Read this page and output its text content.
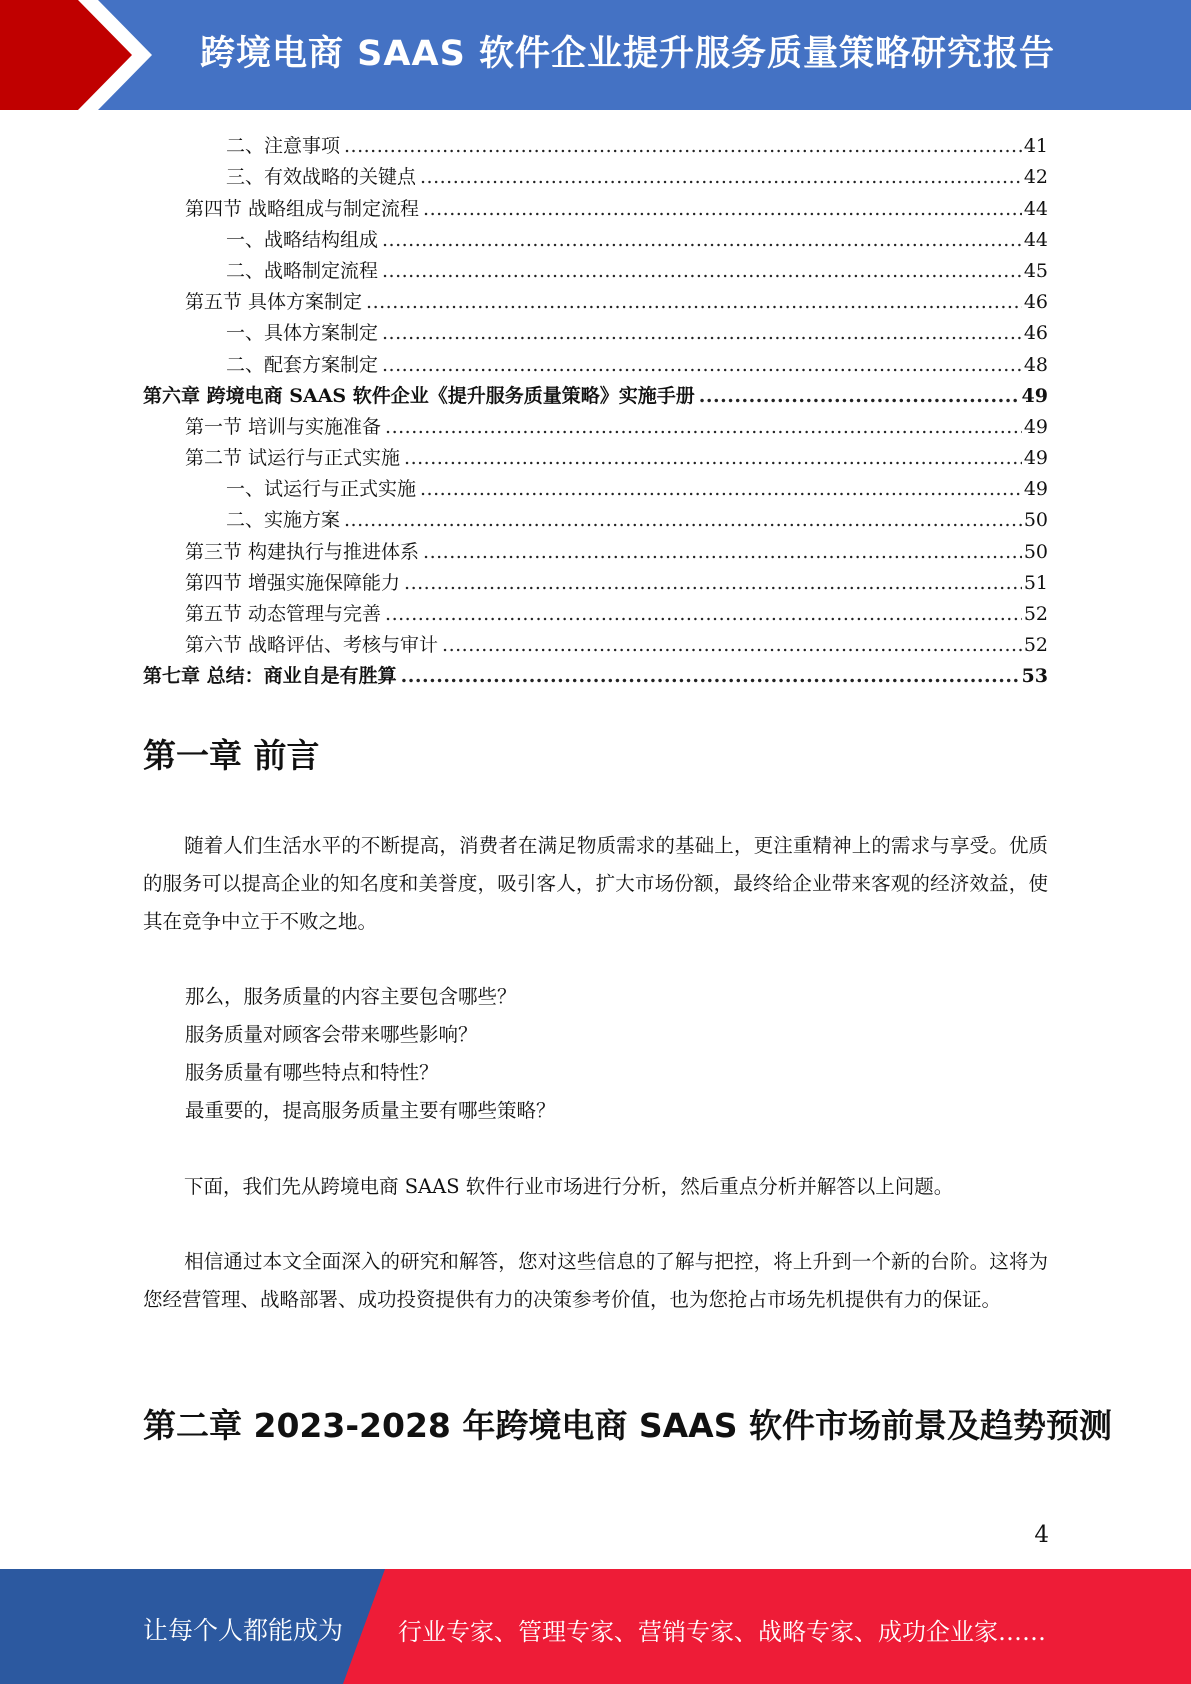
跨境电商 SAAS 软件企业提升服务质量策略研究报告
二、注意事项 .....	41
三、有效战略的关键点 .....	42
第四节 战略组成与制定流程 .....	44
一、战略结构组成 .....	44
二、战略制定流程 .....	45
第五节 具体方案制定 .....	46
一、具体方案制定 .....	46
二、配套方案制定 .....	48
第六章 跨境电商 SAAS 软件企业《提升服务质量策略》实施手册 .....	49
第一节 培训与实施准备 .....	49
第二节 试运行与正式实施 .....	49
一、试运行与正式实施 .....	49
二、实施方案 .....	50
第三节 构建执行与推进体系 .....	50
第四节 增强实施保障能力 .....	51
第五节 动态管理与完善 .....	52
第六节 战略评估、考核与审计 .....	52
第七章 总结：商业自是有胜算 .....	53
第一章 前言
随着人们生活水平的不断提高，消费者在满足物质需求的基础上，更注重精神上的需求与享受。优质的服务可以提高企业的知名度和美誉度，吸引客人，扩大市场份额，最终给企业带来客观的经济效益，使其在竞争中立于不败之地。
那么，服务质量的内容主要包含哪些？
服务质量对顾客会带来哪些影响？
服务质量有哪些特点和特性？
最重要的，提高服务质量主要有哪些策略？
下面，我们先从跨境电商 SAAS 软件行业市场进行分析，然后重点分析并解答以上问题。
相信通过本文全面深入的研究和解答，您对这些信息的了解与把控，将上升到一个新的台阶。这将为您经营管理、战略部署、成功投资提供有力的决策参考价值，也为您抢占市场先机提供有力的保证。
第二章 2023-2028 年跨境电商 SAAS 软件市场前景及趋势预测
4
让每个人都能成为 行业专家、管理专家、营销专家、战略专家、成功企业家……
